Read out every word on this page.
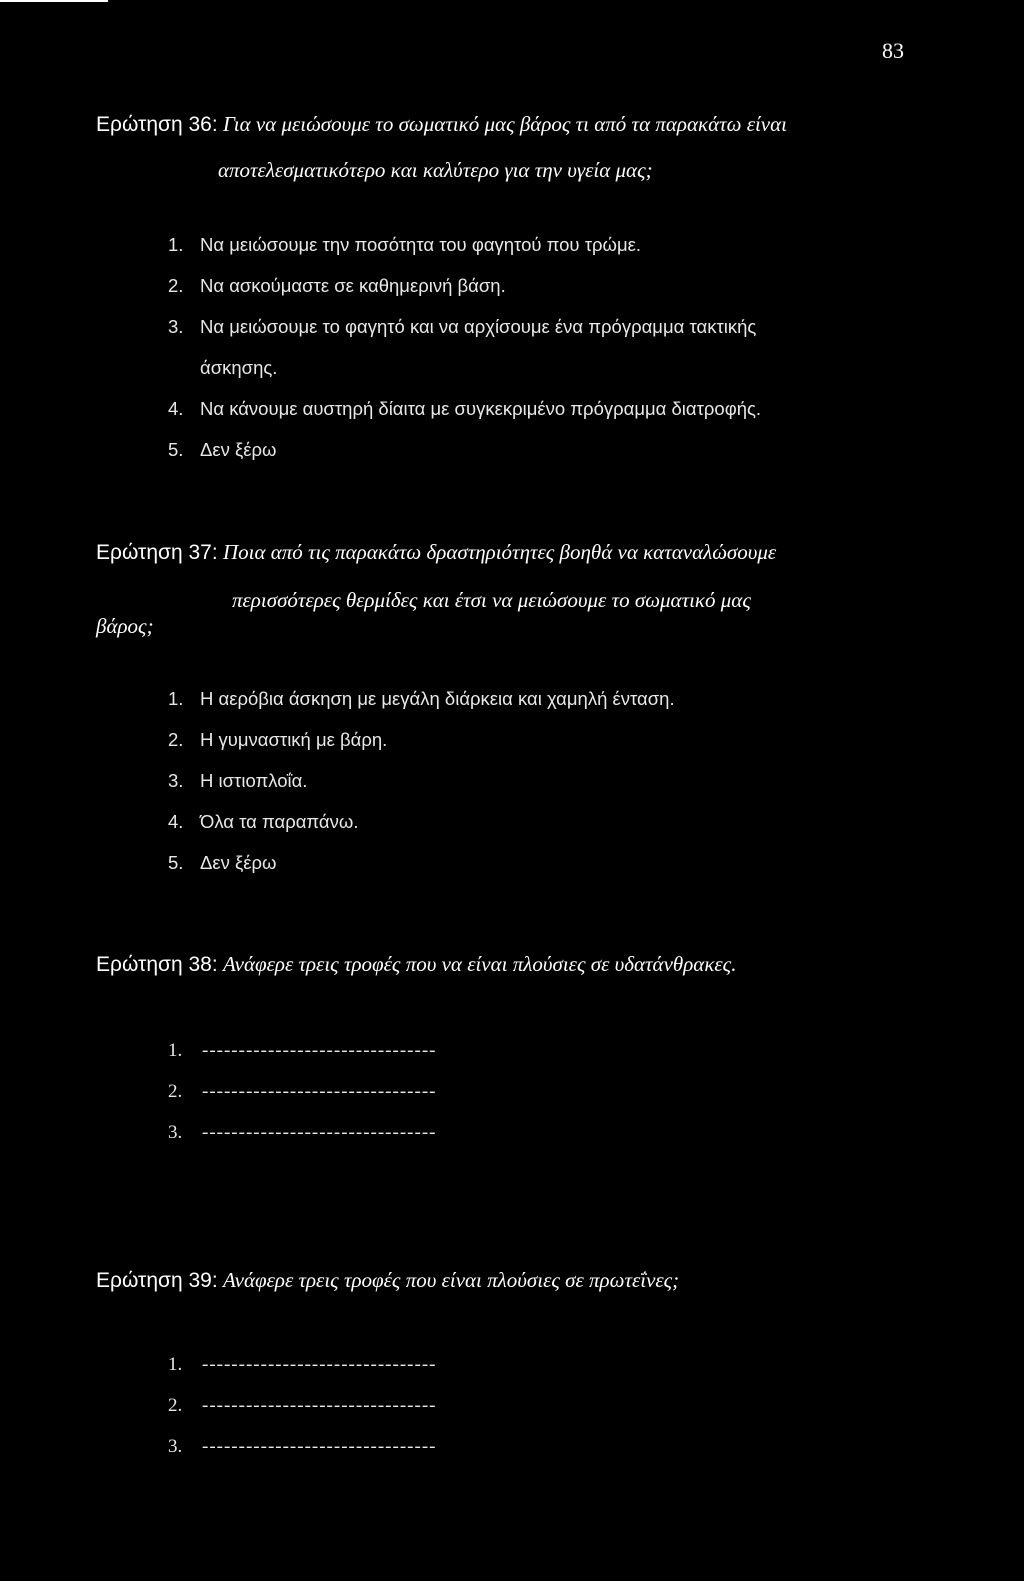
83
Ερώτηση 36: Για να μειώσουμε το σωματικό μας βάρος τι από τα παρακάτω είναι
αποτελεσματικότερο και καλύτερο για την υγεία μας;
1. Να μειώσουμε την ποσότητα του φαγητού που τρώμε.
2. Να ασκούμαστε σε καθημερινή βάση.
3. Να μειώσουμε το φαγητό και να αρχίσουμε ένα πρόγραμμα τακτικής
άσκησης.
4. Να κάνουμε αυστηρή δίαιτα με συγκεκριμένο πρόγραμμα διατροφής.
5. Δεν ξέρω
Ερώτηση 37: Ποια από τις παρακάτω δραστηριότητες βοηθά να καταναλώσουμε
περισσότερες θερμίδες και έτσι να μειώσουμε το σωματικό μας
βάρος;
1. Η αερόβια άσκηση με μεγάλη διάρκεια και χαμηλή ένταση.
2. Η γυμναστική με βάρη.
3. Η ιστιοπλοΐα.
4. Όλα τα παραπάνω.
5. Δεν ξέρω
Ερώτηση 38: Ανάφερε τρεις τροφές που να είναι πλούσιες σε υδατάνθρακες.
1. --------------------------------
2. --------------------------------
3. --------------------------------
Ερώτηση 39: Ανάφερε τρεις τροφές που είναι πλούσιες σε πρωτεΐνες;
1. --------------------------------
2. --------------------------------
3. --------------------------------
